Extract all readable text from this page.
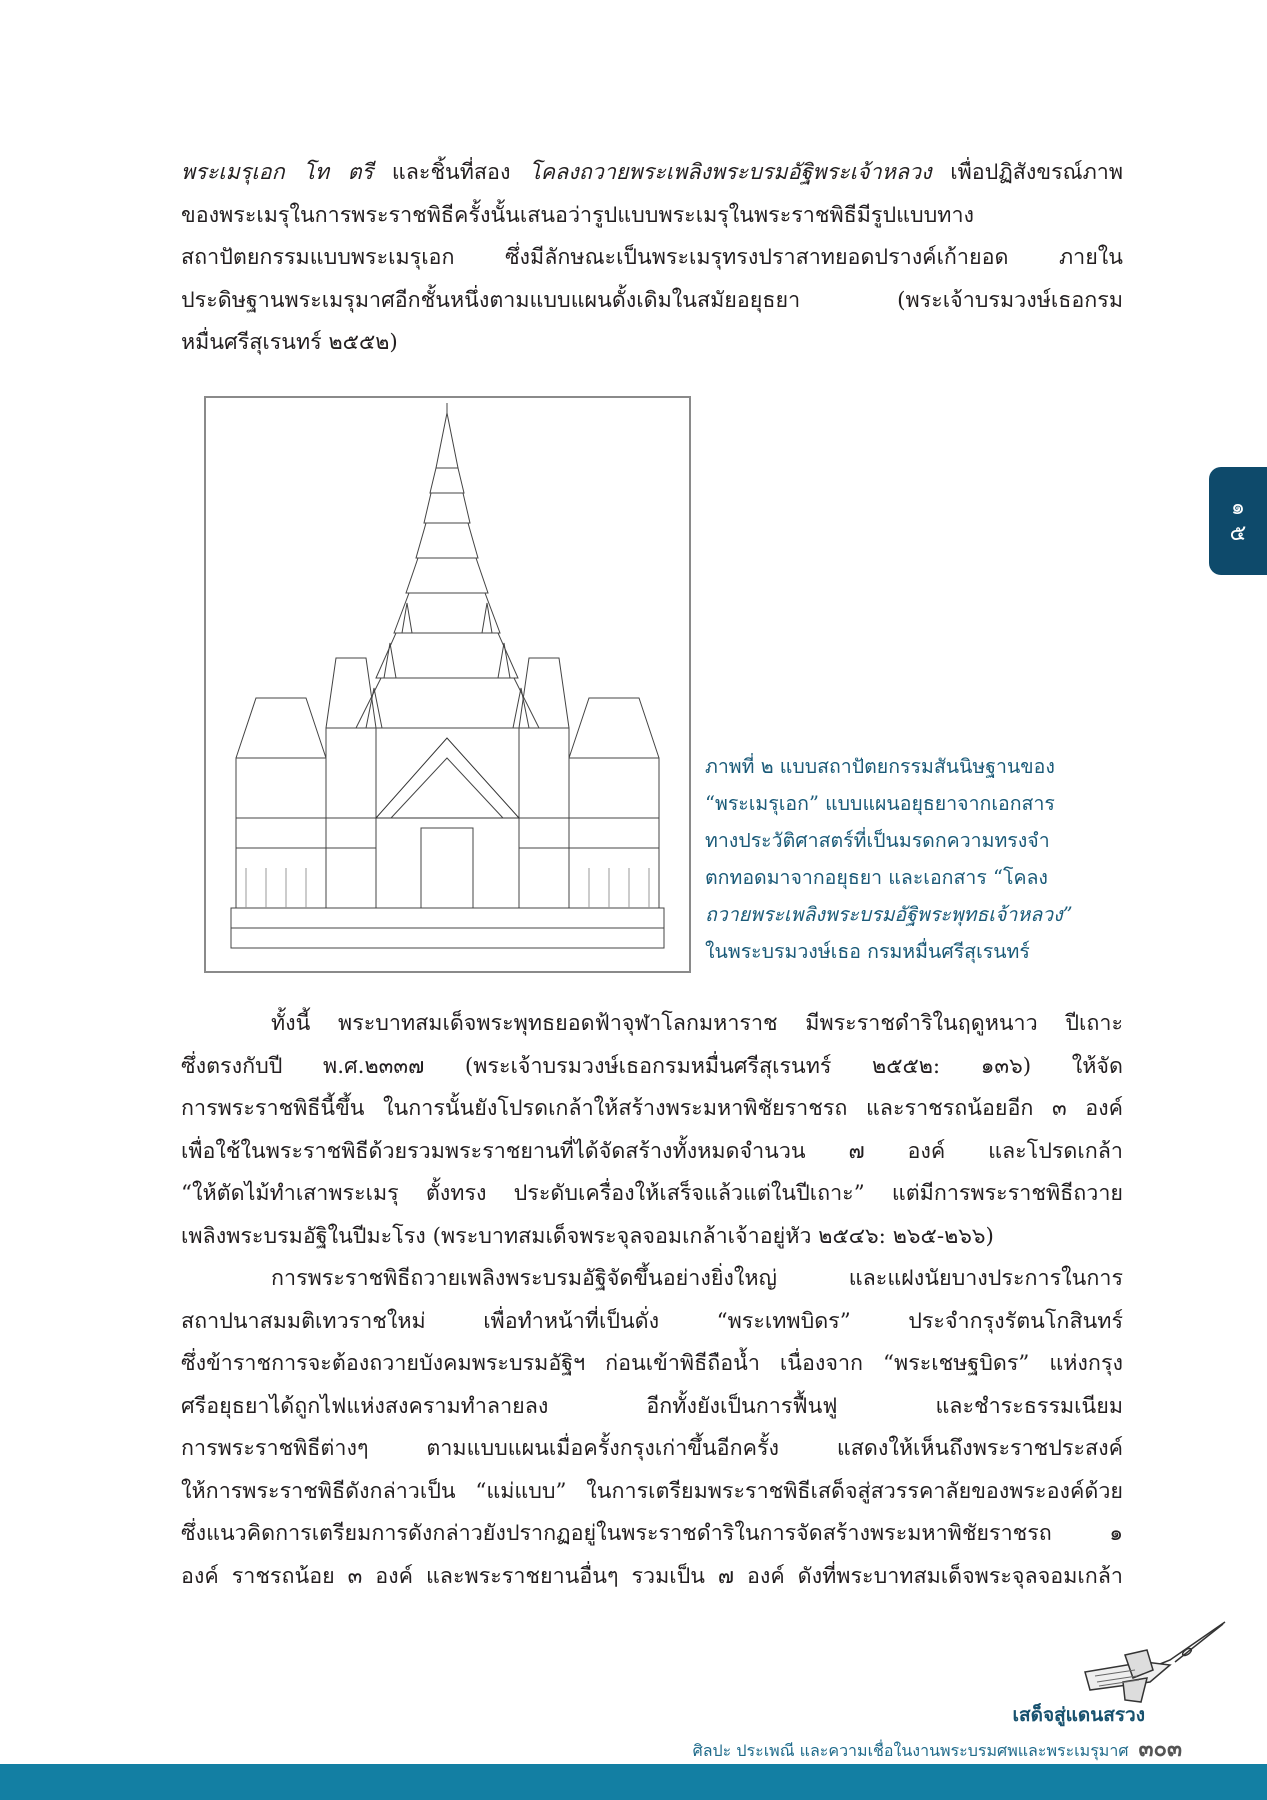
พระเมรุเอก โท ตรี และชิ้นที่สอง โคลงถวายพระเพลิงพระบรมอัฐิพระเจ้าหลวง เพื่อปฏิสังขรณ์ภาพ
ของพระเมรุในการพระราชพิธีครั้งนั้นเสนอว่ารูปแบบพระเมรุในพระราชพิธีมีรูปแบบทาง
สถาปัตยกรรมแบบพระเมรุเอก ซึ่งมีลักษณะเป็นพระเมรุทรงปราสาทยอดปรางค์เก้ายอด ภายใน
ประดิษฐานพระเมรุมาศอีกชั้นหนึ่งตามแบบแผนดั้งเดิมในสมัยอยุธยา (พระเจ้าบรมวงษ์เธอกรม
หมื่นศรีสุเรนทร์ ๒๕๕๒)
ภาพที่ ๒ แบบสถาปัตยกรรมสันนิษฐานของ
“พระเมรุเอก” แบบแผนอยุธยาจากเอกสาร
ทางประวัติศาสตร์ที่เป็นมรดกความทรงจำ
ตกทอดมาจากอยุธยา และเอกสาร “โคลง
ถวายพระเพลิงพระบรมอัฐิพระพุทธเจ้าหลวง”
ในพระบรมวงษ์เธอ กรมหมื่นศรีสุเรนทร์
ทั้งนี้ พระบาทสมเด็จพระพุทธยอดฟ้าจุฬาโลกมหาราช มีพระราชดำริในฤดูหนาว ปีเถาะ
ซึ่งตรงกับปี พ.ศ.๒๓๓๗ (พระเจ้าบรมวงษ์เธอกรมหมื่นศรีสุเรนทร์ ๒๕๕๒: ๑๓๖) ให้จัด
การพระราชพิธีนี้ขึ้น ในการนั้นยังโปรดเกล้าให้สร้างพระมหาพิชัยราชรถ และราชรถน้อยอีก ๓ องค์
เพื่อใช้ในพระราชพิธีด้วยรวมพระราชยานที่ได้จัดสร้างทั้งหมดจำนวน ๗ องค์ และโปรดเกล้า
“ให้ตัดไม้ทำเสาพระเมรุ ตั้งทรง ประดับเครื่องให้เสร็จแล้วแต่ในปีเถาะ” แต่มีการพระราชพิธีถวาย
เพลิงพระบรมอัฐิในปีมะโรง (พระบาทสมเด็จพระจุลจอมเกล้าเจ้าอยู่หัว ๒๕๔๖: ๒๖๕-๒๖๖)
การพระราชพิธีถวายเพลิงพระบรมอัฐิจัดขึ้นอย่างยิ่งใหญ่ และแฝงนัยบางประการในการ
สถาปนาสมมติเทวราชใหม่ เพื่อทำหน้าที่เป็นดั่ง “พระเทพบิดร” ประจำกรุงรัตนโกสินทร์
ซึ่งข้าราชการจะต้องถวายบังคมพระบรมอัฐิฯ ก่อนเข้าพิธีถือน้ำ เนื่องจาก “พระเชษฐบิดร” แห่งกรุง
ศรีอยุธยาได้ถูกไฟแห่งสงครามทำลายลง อีกทั้งยังเป็นการฟื้นฟู และชำระธรรมเนียม
การพระราชพิธีต่างๆ ตามแบบแผนเมื่อครั้งกรุงเก่าขึ้นอีกครั้ง แสดงให้เห็นถึงพระราชประสงค์
ให้การพระราชพิธีดังกล่าวเป็น “แม่แบบ” ในการเตรียมพระราชพิธีเสด็จสู่สวรรคาลัยของพระองค์ด้วย
ซึ่งแนวคิดการเตรียมการดังกล่าวยังปรากฏอยู่ในพระราชดำริในการจัดสร้างพระมหาพิชัยราชรถ ๑
องค์ ราชรถน้อย ๓ องค์ และพระราชยานอื่นๆ รวมเป็น ๗ องค์ ดังที่พระบาทสมเด็จพระจุลจอมเกล้า
๑
๕
เสด็จสู่แดนสรวง
ศิลปะ ประเพณี และความเชื่อในงานพระบรมศพและพระเมรุมาศ ๓๐๓
